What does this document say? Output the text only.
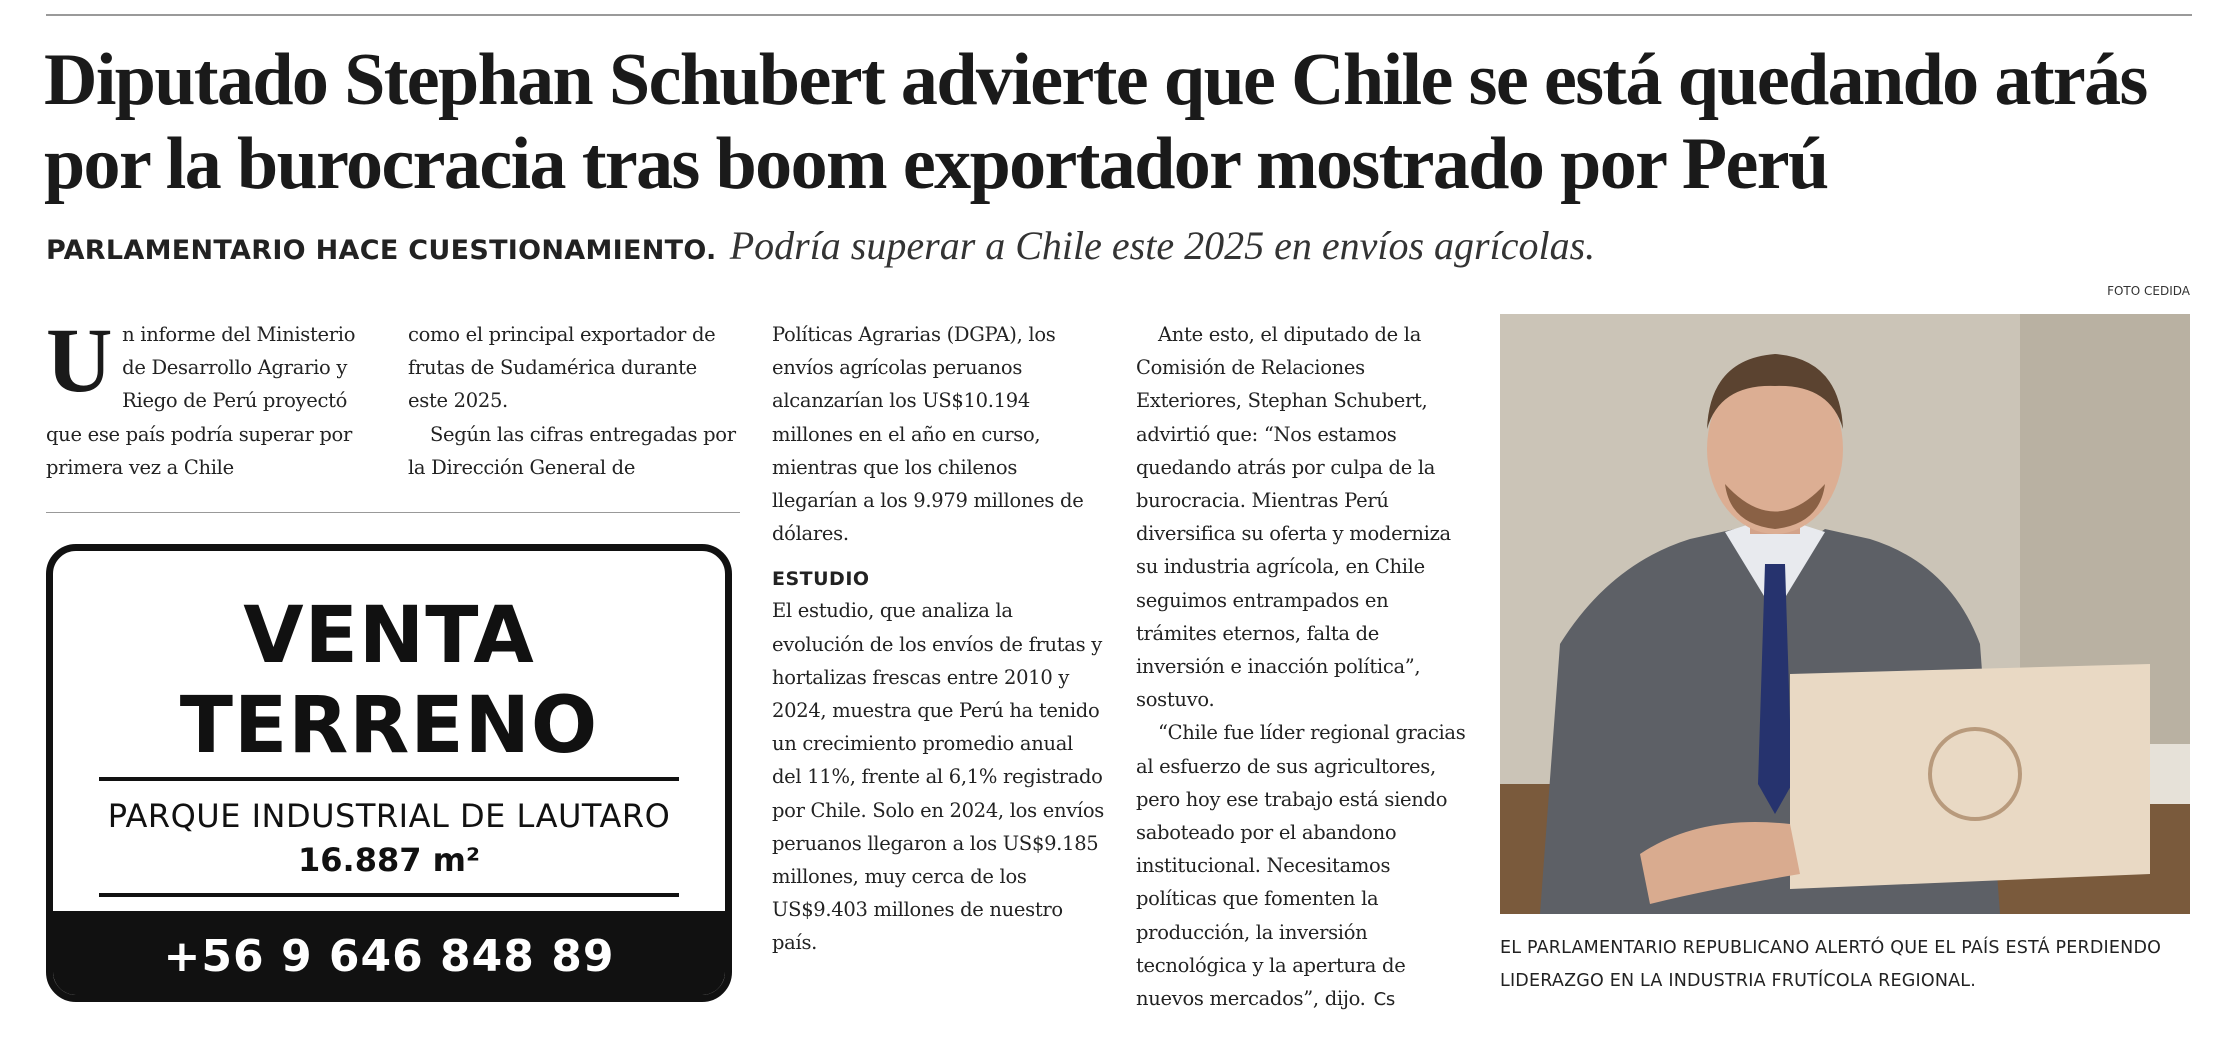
Diputado Stephan Schubert advierte que Chile se está quedando atrás por la burocracia tras boom exportador mostrado por Perú
PARLAMENTARIO HACE CUESTIONAMIENTO. Podría superar a Chile este 2025 en envíos agrícolas.
FOTO CEDIDA
U n informe del Ministerio de Desarrollo Agrario y Riego de Perú proyectó que ese país podría superar por primera vez a Chile

como el principal exportador de frutas de Sudamérica durante este 2025.

Según las cifras entregadas por la Dirección General de

Políticas Agrarias (DGPA), los envíos agrícolas peruanos alcanzarían los US$10.194 millones en el año en curso, mientras que los chilenos llegarían a los 9.979 millones de dólares.

ESTUDIO

El estudio, que analiza la evolución de los envíos de frutas y hortalizas frescas entre 2010 y 2024, muestra que Perú ha tenido un crecimiento promedio anual del 11%, frente al 6,1% registrado por Chile. Solo en 2024, los envíos peruanos llegaron a los US$9.185 millones, muy cerca de los US$9.403 millones de nuestro país.

Ante esto, el diputado de la Comisión de Relaciones Exteriores, Stephan Schubert, advirtió que: “Nos estamos quedando atrás por culpa de la burocracia. Mientras Perú diversifica su oferta y moderniza su industria agrícola, en Chile seguimos entrampados en trámites eternos, falta de inversión e inacción política”, sostuvo.

“Chile fue líder regional gracias al esfuerzo de sus agricultores, pero hoy ese trabajo está siendo saboteado por el abandono institucional. Necesitamos políticas que fomenten la producción, la inversión tecnológica y la apertura de nuevos mercados”, dijo. Cs

VENTA
TERRENO
PARQUE INDUSTRIAL DE LAUTARO
16.887 m²
+56 9 646 848 89	EL PARLAMENTARIO REPUBLICANO ALERTÓ QUE EL PAÍS ESTÁ PERDIENDO LIDERAZGO EN LA INDUSTRIA FRUTÍCOLA REGIONAL.
